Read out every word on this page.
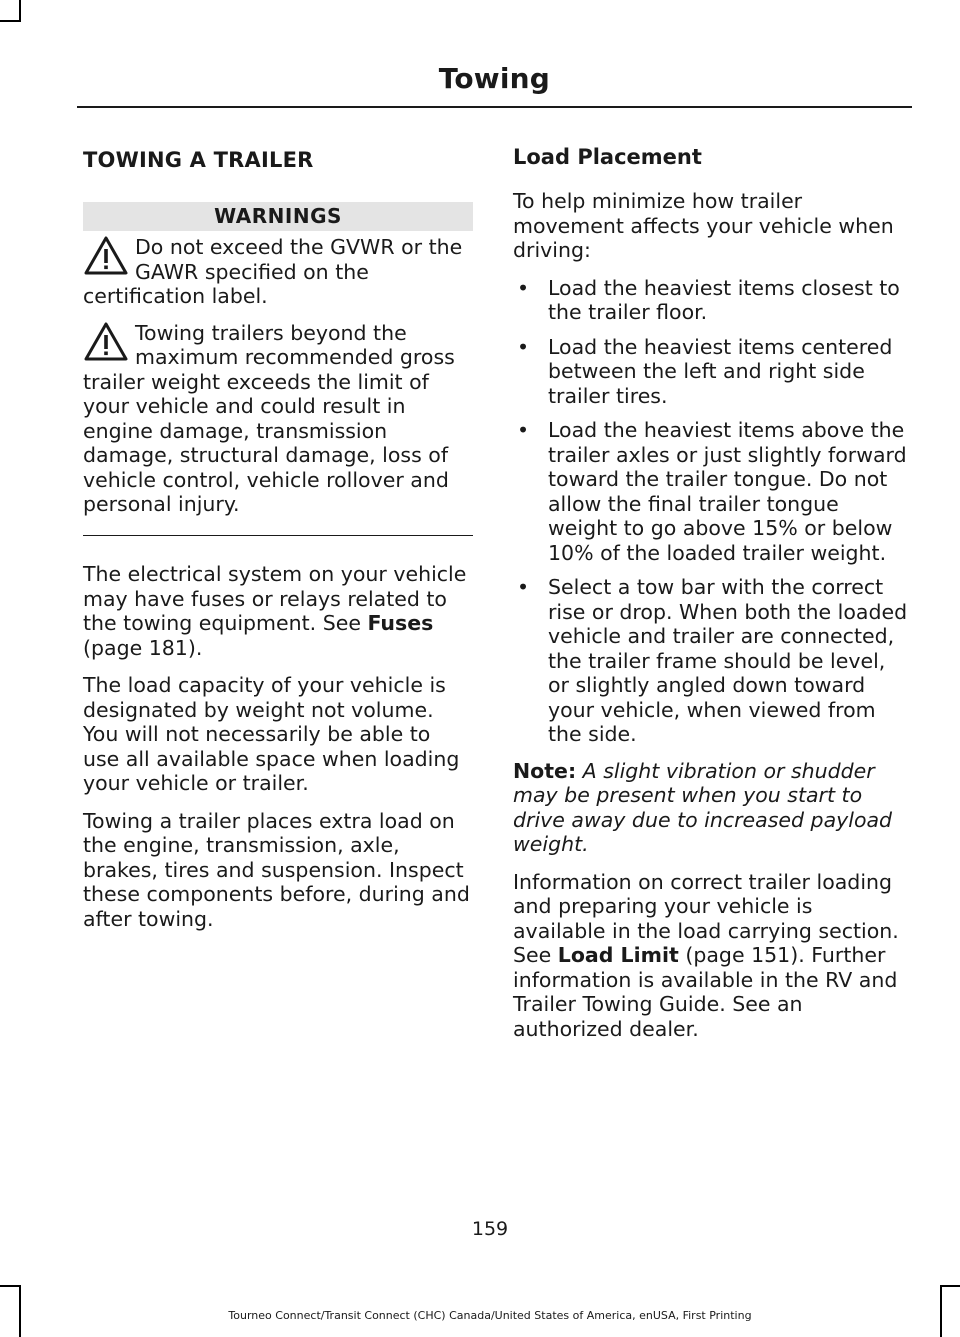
Towing
TOWING A TRAILER
WARNINGS
Do not exceed the GVWR or the GAWR specified on the certification label.
Towing trailers beyond the maximum recommended gross trailer weight exceeds the limit of your vehicle and could result in engine damage, transmission damage, structural damage, loss of vehicle control, vehicle rollover and personal injury.

The electrical system on your vehicle may have fuses or relays related to the towing equipment. See Fuses (page 181).

The load capacity of your vehicle is designated by weight not volume. You will not necessarily be able to use all available space when loading your vehicle or trailer.

Towing a trailer places extra load on the engine, transmission, axle, brakes, tires and suspension. Inspect these components before, during and after towing.

Load Placement

To help minimize how trailer movement affects your vehicle when driving:

• Load the heaviest items closest to the trailer floor.
• Load the heaviest items centered between the left and right side trailer tires.
• Load the heaviest items above the trailer axles or just slightly forward toward the trailer tongue. Do not allow the final trailer tongue weight to go above 15% or below 10% of the loaded trailer weight.
• Select a tow bar with the correct rise or drop. When both the loaded vehicle and trailer are connected, the trailer frame should be level, or slightly angled down toward your vehicle, when viewed from the side.

Note: A slight vibration or shudder may be present when you start to drive away due to increased payload weight.

Information on correct trailer loading and preparing your vehicle is available in the load carrying section. See Load Limit (page 151). Further information is available in the RV and Trailer Towing Guide. See an authorized dealer.

159
Tourneo Connect/Transit Connect (CHC) Canada/United States of America, enUSA, First Printing
